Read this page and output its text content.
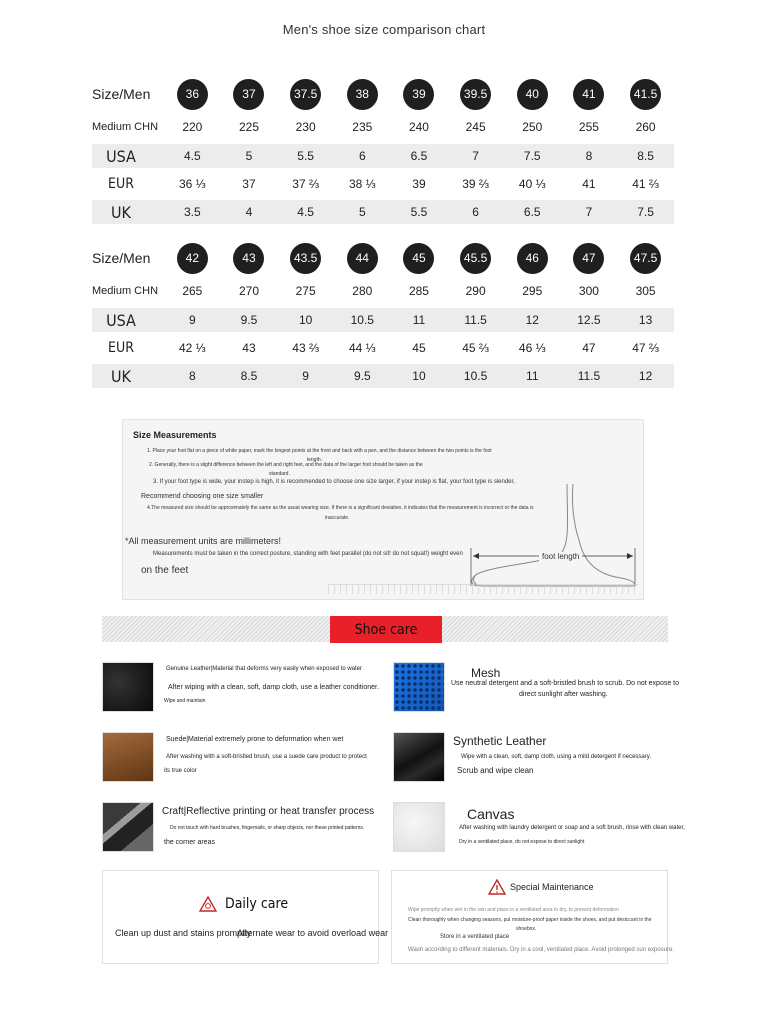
Men's shoe size comparison chart
Size/Men	36	37	37.5	38	39	39.5	40	41	41.5
Medium CHN	220	225	230	235	240	245	250	255	260
USA	4.5	5	5.5	6	6.5	7	7.5	8	8.5
EUR	36 ⅓	37	37 ⅔	38 ⅓	39	39 ⅔	40 ⅓	41	41 ⅔
UK	3.5	4	4.5	5	5.5	6	6.5	7	7.5
Size/Men	42	43	43.5	44	45	45.5	46	47	47.5
Medium CHN	265	270	275	280	285	290	295	300	305
USA	9	9.5	10	10.5	11	11.5	12	12.5	13
EUR	42 ⅓	43	43 ⅔	44 ⅓	45	45 ⅔	46 ⅓	47	47 ⅔
UK	8	8.5	9	9.5	10	10.5	11	11.5	12
Size Measurements
1. Place your foot flat on a piece of white paper, mark the longest points at the front and back with a pen, and the distance between the two points is the foot
length.
2. Generally, there is a slight difference between the left and right feet, and the data of the larger foot should be taken as the
standard.
3. If your foot type is wide, your instep is high, it is recommended to choose one size larger, if your instep is flat, your foot type is slender,
Recommend choosing one size smaller
4.The measured size should be approximately the same as the usual wearing size. If there is a significant deviation, it indicates that the measurement is incorrect or the data is
inaccurate.
*All measurement units are millimeters!
Measurements must be taken in the correct posture, standing with feet parallel (do not sit! do not squat!) weight even
on the feet
foot length
Shoe care
Genuine Leather|Material that deforms very easily when exposed to water
After wiping with a clean, soft, damp cloth, use a leather conditioner.
Wipe and maintain
Mesh
Use neutral detergent and a soft-bristled brush to scrub. Do not expose to
direct sunlight after washing.
Suede|Material extremely prone to deformation when wet
After washing with a soft-bristled brush, use a suede care product to protect
its true color
Synthetic Leather
Wipe with a clean, soft, damp cloth, using a mild detergent if necessary.
Scrub and wipe clean
Craft|Reflective printing or heat transfer process
Do not touch with hard brushes, fingernails, or sharp objects, nor these printed patterns.
the corner areas
Canvas
After washing with laundry detergent or soap and a soft brush, rinse with clean water,
Dry in a ventilated place, do not expose to direct sunlight
Daily care
Clean up dust and stains promptly
Alternate wear to avoid overload wear
Special Maintenance
Wipe promptly when wet in the rain and place in a ventilated area to dry, to prevent deformation
Clean thoroughly when changing seasons, put moisture-proof paper inside the shoes, and put desiccant in the
shoebox.
Store in a ventilated place
Wash according to different materials. Dry in a cool, ventilated place. Avoid prolonged sun exposure.
